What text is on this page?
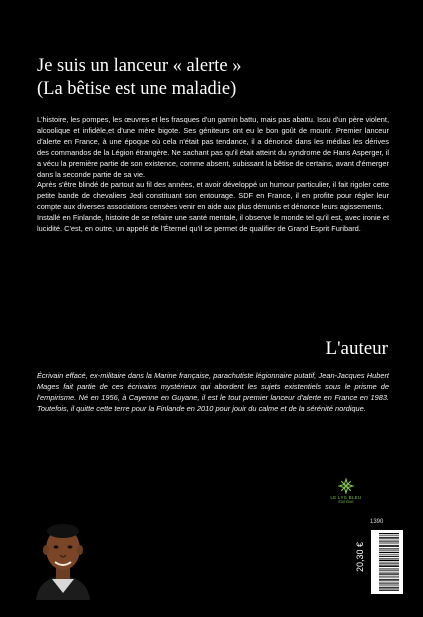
Je suis un lanceur « alerte »
(La bêtise est une maladie)

L'histoire, les pompes, les œuvres et les frasques d'un gamin battu, mais pas abattu. Issu d'un père violent, alcoolique et infidèle,et d'une mère bigote. Ses géniteurs ont eu le bon goût de mourir. Premier lanceur d'alerte en France, à une époque où cela n'était pas tendance, il a dénoncé dans les médias les dérives des commandos de la Légion étrangère. Ne sachant pas qu'il était atteint du syndrome de Hans Asperger, il a vécu la première partie de son existence, comme absent, subissant la bêtise de certains, avant d'émerger dans la seconde partie de sa vie.

Après s'être blindé de partout au fil des années, et avoir développé un humour particulier, il fait rigoler cette petite bande de chevaliers Jedi constituant son entourage. SDF en France, il en profite pour régler leur compte aux diverses associations censées venir en aide aux plus démunis et dénonce leurs agissements.

Installé en Finlande, histoire de se refaire une santé mentale, il observe le monde tel qu'il est, avec ironie et lucidité. C'est, en outre, un appelé de l'Éternel qu'il se permet de qualifier de Grand Esprit Furibard.

L'auteur

Écrivain effacé, ex-militaire dans la Marine française, parachutiste légionnaire putatif, Jean-Jacques Hubert Mages fait partie de ces écrivains mystérieux qui abordent les sujets existentiels sous le prisme de l'empirisme. Né en 1956, à Cayenne en Guyane, il est le tout premier lanceur d'alerte en France en 1983. Toutefois, il quitte cette terre pour la Finlande en 2010 pour jouir du calme et de la sérénité nordique.

LE LYS BLEU
ÉDITIONS
1390
20,30 €
9 791037 713048
